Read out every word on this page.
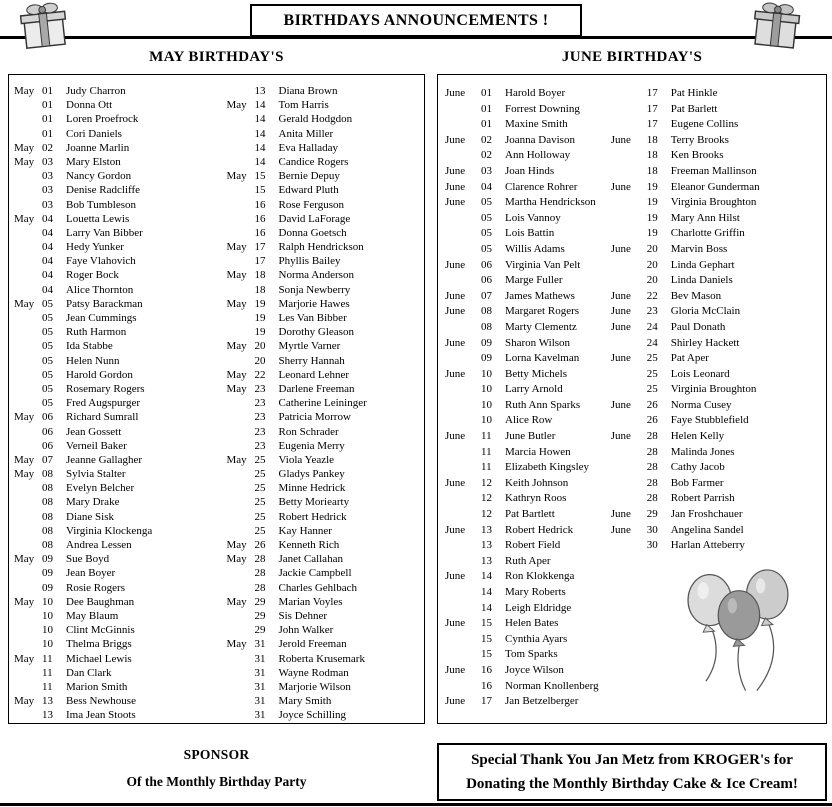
BIRTHDAYS ANNOUNCEMENTS !
MAY BIRTHDAY'S	JUNE BIRTHDAY'S
May 01	Judy Charron
01	Donna Ott
01	Loren Proefrock
01	Cori Daniels
May 02	Joanne Marlin
May 03	Mary Elston
03	Nancy Gordon
03	Denise Radcliffe
03	Bob Tumbleson
May 04	Louetta Lewis
04	Larry Van Bibber
04	Hedy Yunker
04	Faye Vlahovich
04	Roger Bock
04	Alice Thornton
May 05	Patsy Barackman
05	Jean Cummings
05	Ruth Harmon
05	Ida Stabbe
05	Helen Nunn
05	Harold Gordon
05	Rosemary Rogers
05	Fred Augspurger
May 06	Richard Sumrall
06	Jean Gossett
06	Verneil Baker
May 07	Jeanne Gallagher
May 08	Sylvia Stalter
08	Evelyn Belcher
08	Mary Drake
08	Diane Sisk
08	Virginia Klockenga
08	Andrea Lessen
May 09	Sue Boyd
09	Jean Boyer
09	Rosie Rogers
May 10	Dee Baughman
10	May Blaum
10	Clint McGinnis
10	Thelma Briggs
May 11	Michael Lewis
11	Dan Clark
11	Marion Smith
May 13	Bess Newhouse
13	Ima Jean Stoots
13	Diana Brown
May 14	Tom Harris
14	Gerald Hodgdon
14	Anita Miller
14	Eva Halladay
14	Candice Rogers
May 15	Bernie Depuy
15	Edward Pluth
16	Rose Ferguson
16	David LaForage
16	Donna Goetsch
May 17	Ralph Hendrickson
17	Phyllis Bailey
May 18	Norma Anderson
18	Sonja Newberry
May 19	Marjorie Hawes
19	Les Van Bibber
19	Dorothy Gleason
May 20	Myrtle Varner
20	Sherry Hannah
May 22	Leonard Lehner
May 23	Darlene Freeman
23	Catherine Leininger
23	Patricia Morrow
23	Ron Schrader
23	Eugenia Merry
May 25	Viola Yeazle
25	Gladys Pankey
25	Minne Hedrick
25	Betty Moriearty
25	Robert Hedrick
25	Kay Hanner
May 26	Kenneth Rich
May 28	Janet Callahan
28	Jackie Campbell
28	Charles Gehlbach
May 29	Marian Voyles
29	Sis Dehner
29	John Walker
May 31	Jerold Freeman
31	Roberta Krusemark
31	Wayne Rodman
31	Marjorie Wilson
31	Mary Smith
31	Joyce Schilling
June	01	Harold Boyer
01	Forrest Downing
01	Maxine Smith
June	02	Joanna Davison
02	Ann Holloway
June	03	Joan Hinds
June	04	Clarence Rohrer
June	05	Martha Hendrickson
05	Lois Vannoy
05	Lois Battin
05	Willis Adams
June	06	Virginia Van Pelt
06	Marge Fuller
June	07	James Mathews
June	08	Margaret Rogers
08	Marty Clementz
June	09	Sharon Wilson
09	Lorna Kavelman
June	10	Betty Michels
10	Larry Arnold
10	Ruth Ann Sparks
10	Alice Row
June	11	June Butler
11	Marcia Howen
11	Elizabeth Kingsley
June	12	Keith Johnson
12	Kathryn Roos
12	Pat Bartlett
June	13	Robert Hedrick
13	Robert Field
13	Ruth Aper
June	14	Ron Klokkenga
14	Mary Roberts
14	Leigh Eldridge
June	15	Helen Bates
15	Cynthia Ayars
15	Tom Sparks
June	16	Joyce Wilson
16	Norman Knollenberg
June	17	Jan Betzelberger
17	Pat Hinkle
17	Pat Barlett
17	Eugene Collins
June	18	Terry Brooks
18	Ken Brooks
18	Freeman Mallinson
June	19	Eleanor Gunderman
19	Virginia Broughton
19	Mary Ann Hilst
19	Charlotte Griffin
June	20	Marvin Boss
20	Linda Gephart
20	Linda Daniels
June	22	Bev Mason
June	23	Gloria McClain
June	24	Paul Donath
24	Shirley Hackett
June	25	Pat Aper
25	Lois Leonard
25	Virginia Broughton
June	26	Norma Cusey
26	Faye Stubblefield
June	28	Helen Kelly
28	Malinda Jones
28	Cathy Jacob
28	Bob Farmer
28	Robert Parrish
June	29	Jan Froshchauer
June	30	Angelina Sandel
30	Harlan Atteberry
SPONSOR
Of the Monthly Birthday Party
Special Thank You Jan Metz from KROGER's for
Donating the Monthly Birthday Cake & Ice Cream!
